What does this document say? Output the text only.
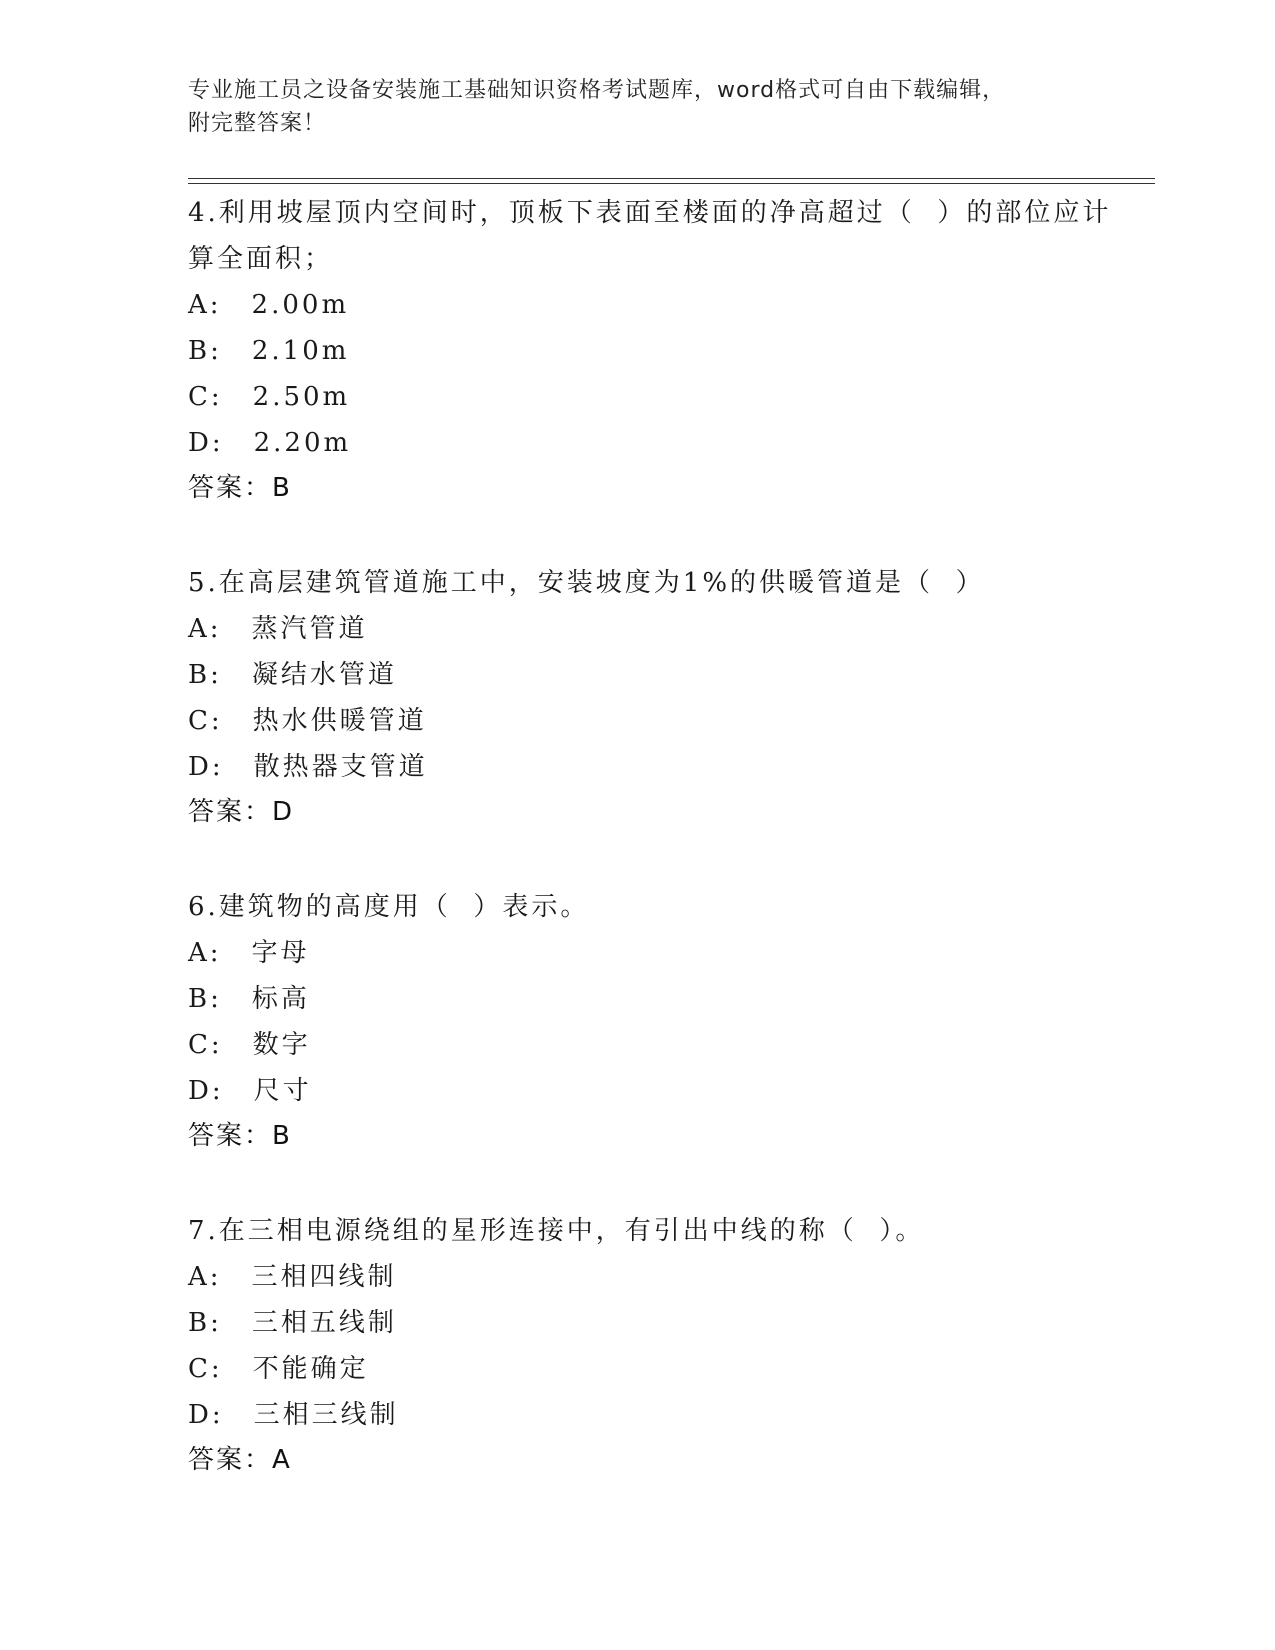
专业施工员之设备安装施工基础知识资格考试题库，word格式可自由下载编辑，
附完整答案！
4.利用坡屋顶内空间时，顶板下表面至楼面的净高超过（  ）的部位应计算全面积；
A: 2.00m
B: 2.10m
C: 2.50m
D: 2.20m
答案：B
5.在高层建筑管道施工中，安装坡度为1%的供暖管道是（  ）
A: 蒸汽管道
B: 凝结水管道
C: 热水供暖管道
D: 散热器支管道
答案：D
6.建筑物的高度用（  ）表示。
A: 字母
B: 标高
C: 数字
D: 尺寸
答案：B
7.在三相电源绕组的星形连接中，有引出中线的称（  ）。
A: 三相四线制
B: 三相五线制
C: 不能确定
D: 三相三线制
答案：A
